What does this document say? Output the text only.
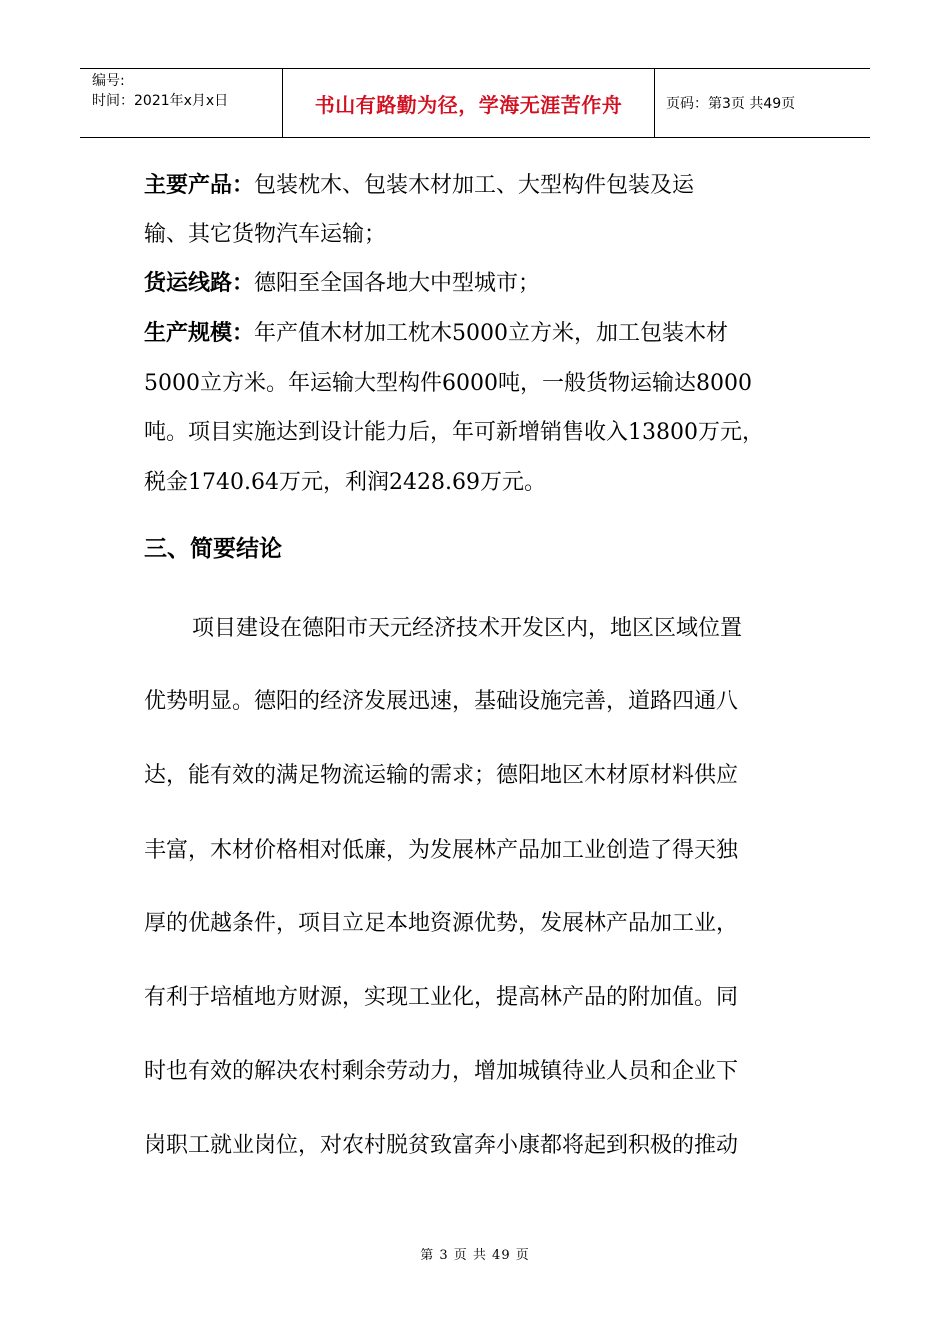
编号:
时间：2021年x月x日	书山有路勤为径，学海无涯苦作舟	页码：第3页 共49页
主要产品：包装枕木、包装木材加工、大型构件包装及运
输、其它货物汽车运输；
货运线路：德阳至全国各地大中型城市；
生产规模：年产值木材加工枕木5000立方米，加工包装木材
5000立方米。年运输大型构件6000吨，一般货物运输达8000
吨。项目实施达到设计能力后，年可新增销售收入13800万元，
税金1740.64万元，利润2428.69万元。
三、简要结论
项目建设在德阳市天元经济技术开发区内，地区区域位置
优势明显。德阳的经济发展迅速，基础设施完善，道路四通八
达，能有效的满足物流运输的需求；德阳地区木材原材料供应
丰富，木材价格相对低廉，为发展林产品加工业创造了得天独
厚的优越条件，项目立足本地资源优势，发展林产品加工业，
有利于培植地方财源，实现工业化，提高林产品的附加值。同
时也有效的解决农村剩余劳动力，增加城镇待业人员和企业下
岗职工就业岗位，对农村脱贫致富奔小康都将起到积极的推动
第 3 页 共 49 页
